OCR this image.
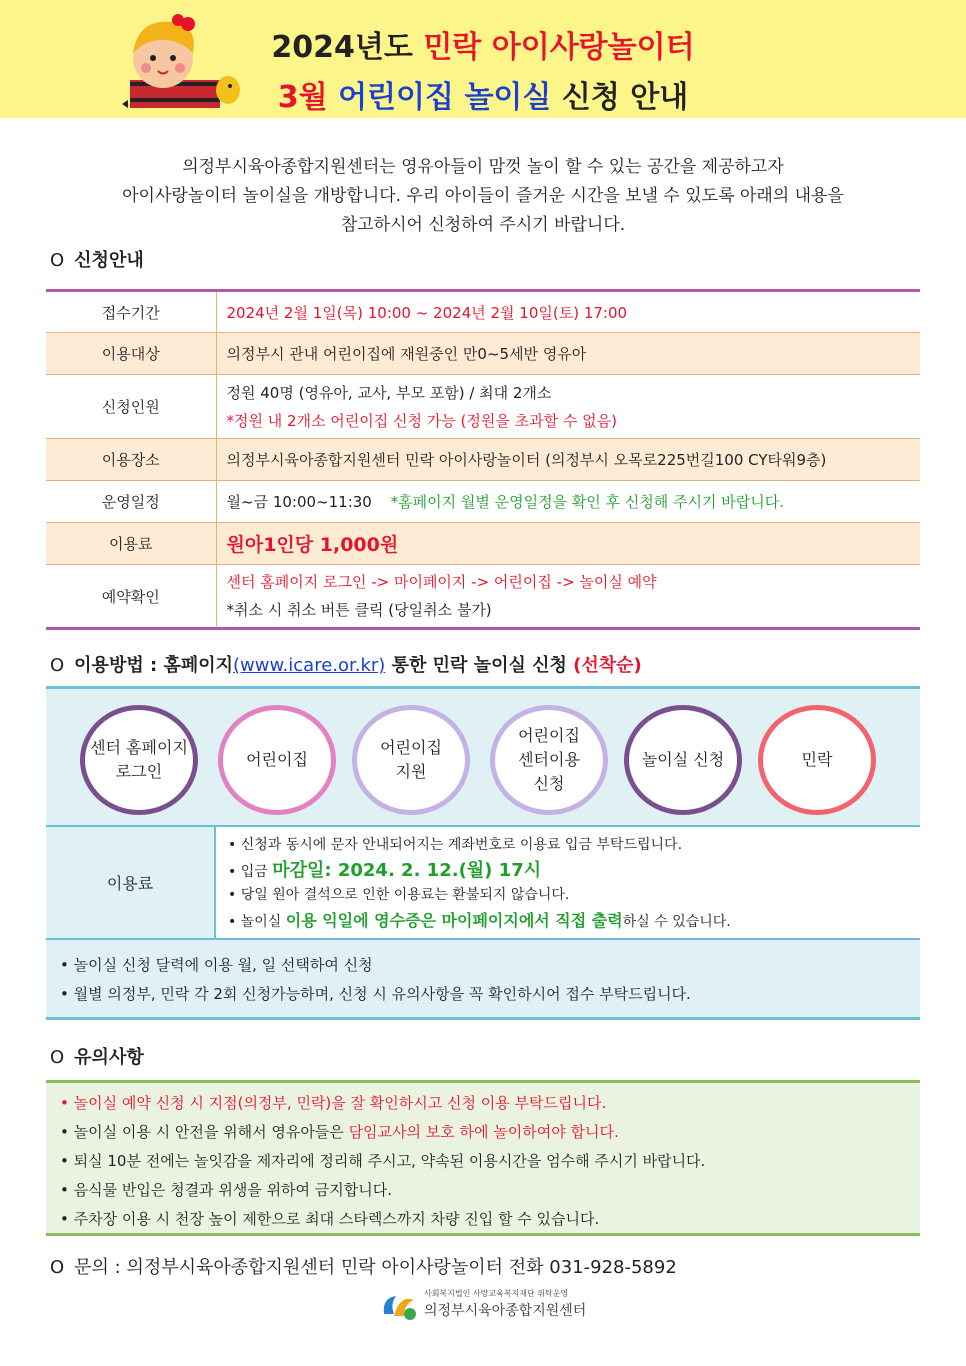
2024년도 민락 아이사랑놀이터
3월 어린이집 놀이실 신청 안내
의정부시육아종합지원센터는 영유아들이 맘껏 놀이 할 수 있는 공간을 제공하고자
아이사랑놀이터 놀이실을 개방합니다. 우리 아이들이 즐거운 시간을 보낼 수 있도록 아래의 내용을
참고하시어 신청하여 주시기 바랍니다.
O 신청안내
접수기간	2024년 2월 1일(목) 10:00 ~ 2024년 2월 10일(토) 17:00
이용대상	의정부시 관내 어린이집에 재원중인 만0~5세반 영유아
신청인원	정원 40명 (영유아, 교사, 부모 포함) / 최대 2개소
*정원 내 2개소 어린이집 신청 가능 (정원을 초과할 수 없음)

이용장소	의정부시육아종합지원센터 민락 아이사랑놀이터 (의정부시 오목로225번길100 CY타워9층)
운영일정	월~금 10:00~11:30 *홈페이지 월별 운영일정을 확인 후 신청해 주시기 바랍니다.
이용료	원아1인당 1,000원
예약확인	센터 홈페이지 로그인 -> 마이페이지 -> 어린이집 -> 놀이실 예약
*취소 시 취소 버튼 클릭 (당일취소 불가)
O 이용방법 : 홈페이지(www.icare.or.kr) 통한 민락 놀이실 신청 (선착순)
센터 홈페이지
로그인
어린이집
어린이집
지원
어린이집
센터이용
신청
놀이실 신청	민락
이용료
• 신청과 동시에 문자 안내되어지는 계좌번호로 이용료 입금 부탁드립니다.
• 입금 마감일: 2024. 2. 12.(월) 17시
• 당일 원아 결석으로 인한 이용료는 환불되지 않습니다.
• 놀이실 이용 익일에 영수증은 마이페이지에서 직접 출력하실 수 있습니다.
• 놀이실 신청 달력에 이용 월, 일 선택하여 신청
• 월별 의정부, 민락 각 2회 신청가능하며, 신청 시 유의사항을 꼭 확인하시어 접수 부탁드립니다.
O 유의사항
• 놀이실 예약 신청 시 지점(의정부, 민락)을 잘 확인하시고 신청 이용 부탁드립니다.
• 놀이실 이용 시 안전을 위해서 영유아들은 담임교사의 보호 하에 놀이하여야 합니다.
• 퇴실 10분 전에는 놀잇감을 제자리에 정리해 주시고, 약속된 이용시간을 엄수해 주시기 바랍니다.
• 음식물 반입은 청결과 위생을 위하여 금지합니다.
• 주차장 이용 시 천장 높이 제한으로 최대 스타렉스까지 차량 진입 할 수 있습니다.
O 문의 : 의정부시육아종합지원센터 민락 아이사랑놀이터 전화 031-928-5892
사회복지법인 사랑교육복지재단 위탁운영
의정부시육아종합지원센터
